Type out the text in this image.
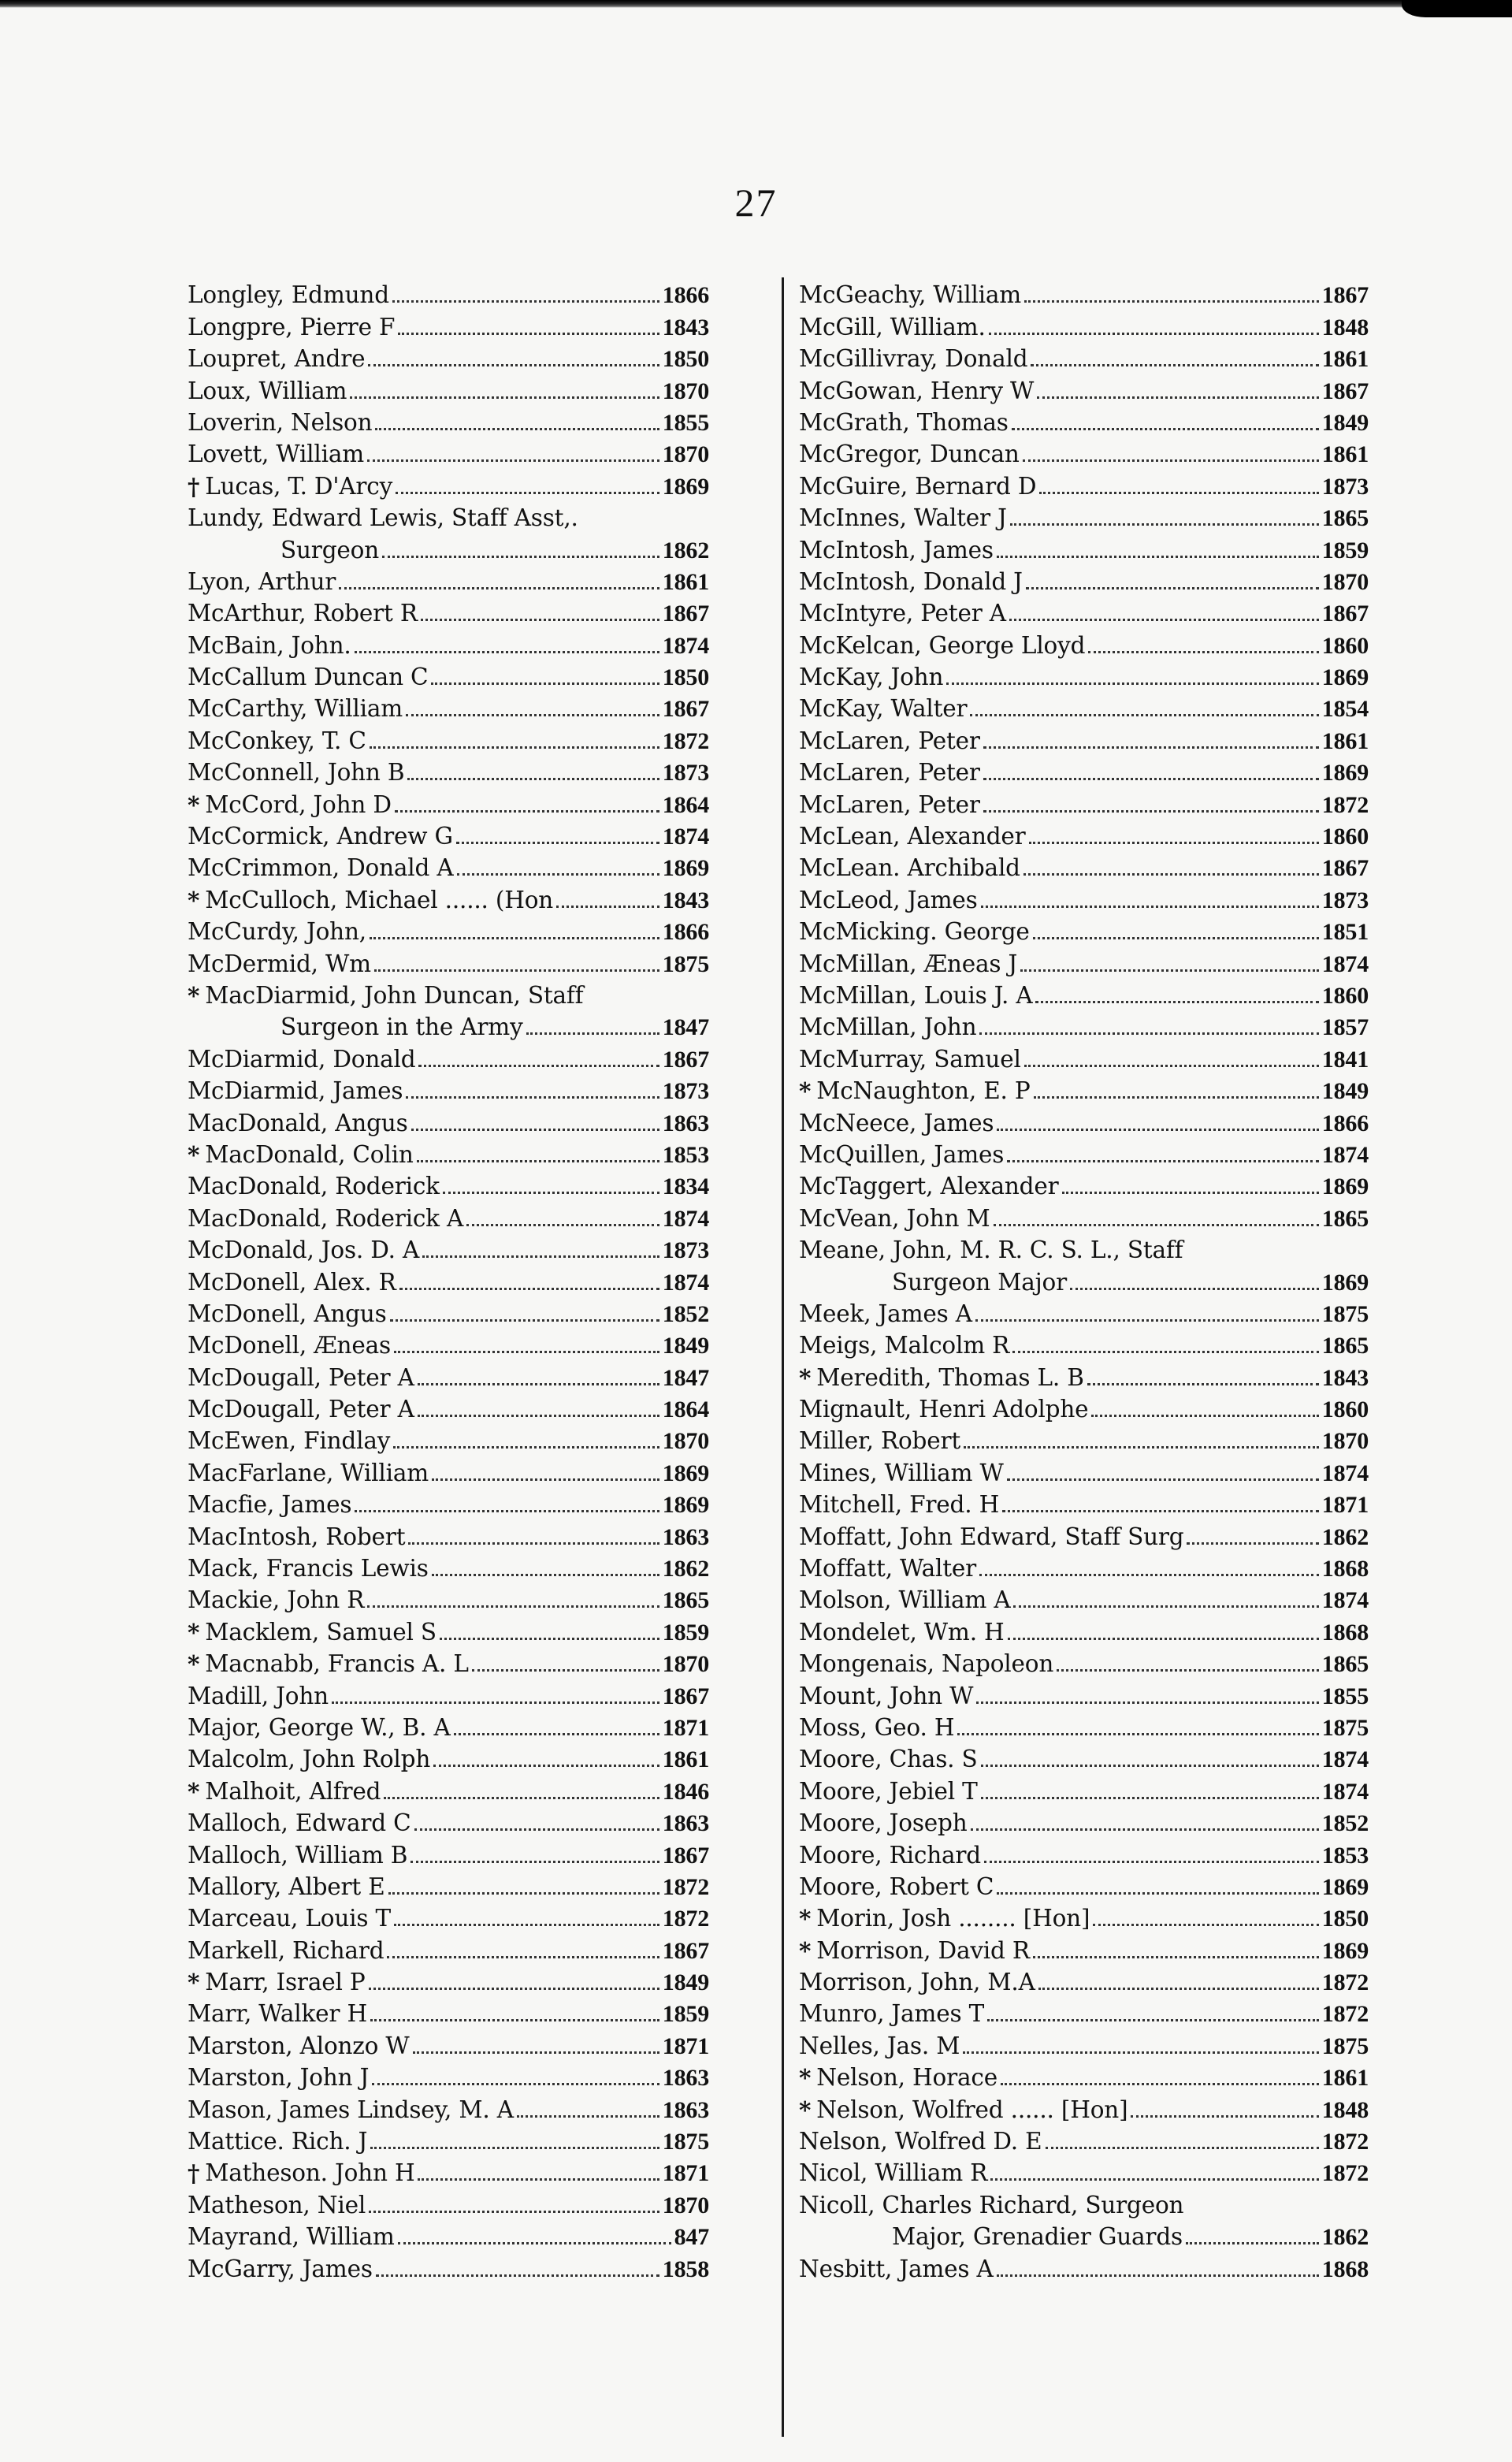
27
Longley, Edmund	1866
Longpre, Pierre F	1843
Loupret, Andre	1850
Loux, William	1870
Loverin, Nelson	1855
Lovett, William	1870
† Lucas, T. D'Arcy	1869
Lundy, Edward Lewis, Staff Asst,.
Surgeon	1862
Lyon, Arthur	1861
McArthur, Robert R	1867
McBain, John.	1874
McCallum Duncan C	1850
McCarthy, William	1867
McConkey, T. C	1872
McConnell, John B	1873
* McCord, John D	1864
McCormick, Andrew G	1874
McCrimmon, Donald A	1869
* McCulloch, Michael ...... (Hon	1843
McCurdy, John,	1866
McDermid, Wm	1875
* MacDiarmid, John Duncan, Staff
Surgeon in the Army	1847
McDiarmid, Donald	1867
McDiarmid, James	1873
MacDonald, Angus	1863
* MacDonald, Colin	1853
MacDonald, Roderick	1834
MacDonald, Roderick A	1874
McDonald, Jos. D. A	1873
McDonell, Alex. R	1874
McDonell, Angus	1852
McDonell, Æneas	1849
McDougall, Peter A	1847
McDougall, Peter A	1864
McEwen, Findlay	1870
MacFarlane, William	1869
Macfie, James	1869
MacIntosh, Robert	1863
Mack, Francis Lewis	1862
Mackie, John R	1865
* Macklem, Samuel S	1859
* Macnabb, Francis A. L	1870
Madill, John	1867
Major, George W., B. A	1871
Malcolm, John Rolph	1861
* Malhoit, Alfred	1846
Malloch, Edward C	1863
Malloch, William B	1867
Mallory, Albert E	1872
Marceau, Louis T	1872
Markell, Richard	1867
* Marr, Israel P	1849
Marr, Walker H	1859
Marston, Alonzo W	1871
Marston, John J	1863
Mason, James Lindsey, M. A	1863
Mattice. Rich. J	1875
† Matheson. John H	1871
Matheson, Niel	1870
Mayrand, William	847
McGarry, James	1858
McGeachy, William	1867
McGill, William.	1848
McGillivray, Donald	1861
McGowan, Henry W	1867
McGrath, Thomas	1849
McGregor, Duncan	1861
McGuire, Bernard D	1873
McInnes, Walter J	1865
McIntosh, James	1859
McIntosh, Donald J	1870
McIntyre, Peter A	1867
McKelcan, George Lloyd	1860
McKay, John	1869
McKay, Walter	1854
McLaren, Peter	1861
McLaren, Peter	1869
McLaren, Peter	1872
McLean, Alexander	1860
McLean. Archibald	1867
McLeod, James	1873
McMicking. George	1851
McMillan, Æneas J	1874
McMillan, Louis J. A	1860
McMillan, John	1857
McMurray, Samuel	1841
* McNaughton, E. P	1849
McNeece, James	1866
McQuillen, James	1874
McTaggert, Alexander	1869
McVean, John M	1865
Meane, John, M. R. C. S. L., Staff
Surgeon Major	1869
Meek, James A	1875
Meigs, Malcolm R	1865
* Meredith, Thomas L. B	1843
Mignault, Henri Adolphe	1860
Miller, Robert	1870
Mines, William W	1874
Mitchell, Fred. H	1871
Moffatt, John Edward, Staff Surg	1862
Moffatt, Walter	1868
Molson, William A	1874
Mondelet, Wm. H	1868
Mongenais, Napoleon	1865
Mount, John W	1855
Moss, Geo. H	1875
Moore, Chas. S	1874
Moore, Jebiel T	1874
Moore, Joseph	1852
Moore, Richard	1853
Moore, Robert C	1869
* Morin, Josh ........ [Hon]	1850
* Morrison, David R	1869
Morrison, John, M.A	1872
Munro, James T	1872
Nelles, Jas. M	1875
* Nelson, Horace	1861
* Nelson, Wolfred ...... [Hon]	1848
Nelson, Wolfred D. E	1872
Nicol, William R	1872
Nicoll, Charles Richard, Surgeon
Major, Grenadier Guards	1862
Nesbitt, James A	1868
